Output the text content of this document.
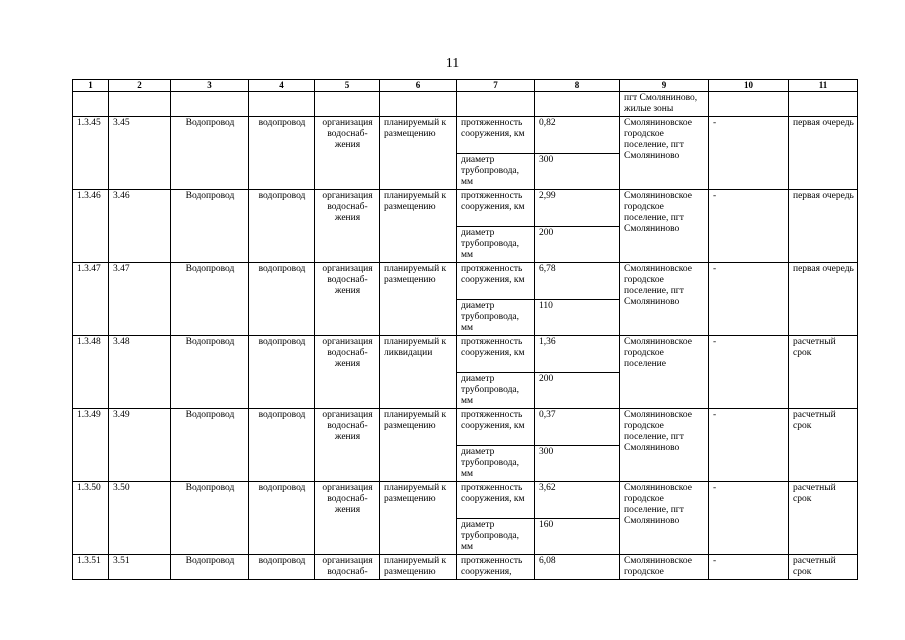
11
1	2	3	4	5	6	7	8	9	10	11
								пгт Смоляниново, жилые зоны		
1.3.45	3.45	Водопровод	водопровод	организация водоснаб-жения	планируемый к размещению	протяженность сооружения, км	0,82	Смоляниновское городское поселение, пгт Смоляниново	-	первая очередь
						диаметр трубопровода, мм	300			
1.3.46	3.46	Водопровод	водопровод	организация водоснаб-жения	планируемый к размещению	протяженность сооружения, км	2,99	Смоляниновское городское поселение, пгт Смоляниново	-	первая очередь
						диаметр трубопровода, мм	200			
1.3.47	3.47	Водопровод	водопровод	организация водоснаб-жения	планируемый к размещению	протяженность сооружения, км	6,78	Смоляниновское городское поселение, пгт Смоляниново	-	первая очередь
						диаметр трубопровода, мм	110			
1.3.48	3.48	Водопровод	водопровод	организация водоснаб-жения	планируемый к ликвидации	протяженность сооружения, км	1,36	Смоляниновское городское поселение	-	расчетный срок
						диаметр трубопровода, мм	200			
1.3.49	3.49	Водопровод	водопровод	организация водоснаб-жения	планируемый к размещению	протяженность сооружения, км	0,37	Смоляниновское городское поселение, пгт Смоляниново	-	расчетный срок
						диаметр трубопровода, мм	300			
1.3.50	3.50	Водопровод	водопровод	организация водоснаб-жения	планируемый к размещению	протяженность сооружения, км	3,62	Смоляниновское городское поселение, пгт Смоляниново	-	расчетный срок
						диаметр трубопровода, мм	160			
1.3.51	3.51	Водопровод	водопровод	организация водоснаб-	планируемый к размещению	протяженность сооружения,	6,08	Смоляниновское городское	-	расчетный срок
